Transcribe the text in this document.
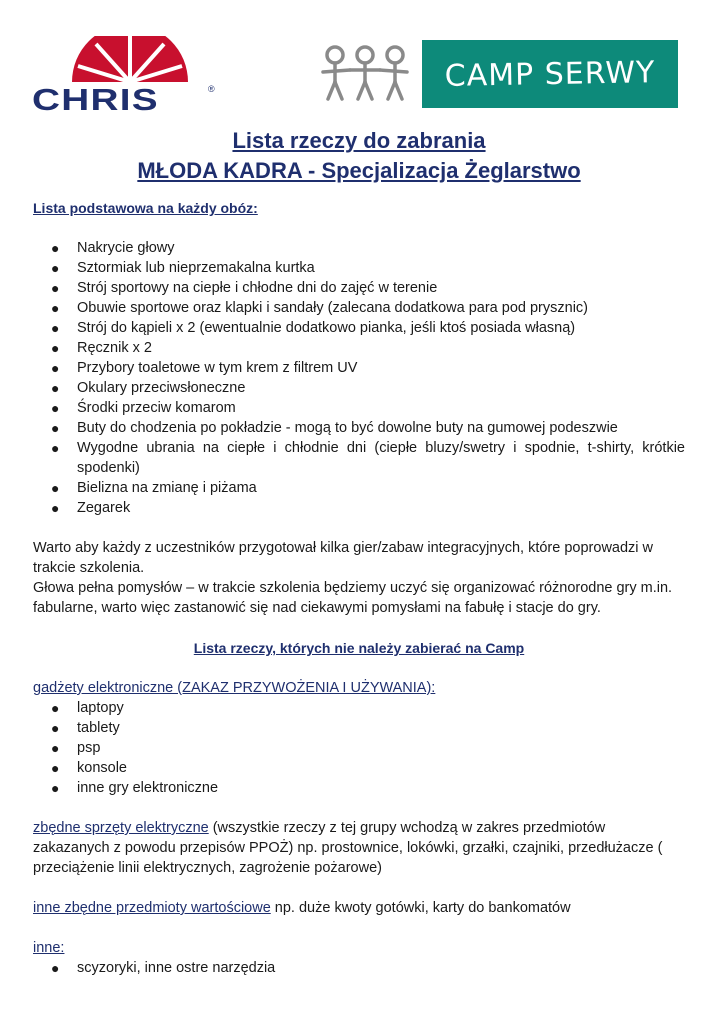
CHRIS	®	CAMP SERWY

Lista rzeczy do zabrania

MŁODA KADRA - Specjalizacja Żeglarstwo

Lista podstawowa na każdy obóz:

● Nakrycie głowy
● Sztormiak lub nieprzemakalna kurtka
● Strój sportowy na ciepłe i chłodne dni do zajęć w terenie
● Obuwie sportowe oraz klapki i sandały (zalecana dodatkowa para pod prysznic)
● Strój do kąpieli x 2 (ewentualnie dodatkowo pianka, jeśli ktoś posiada własną)
● Ręcznik x 2
● Przybory toaletowe w tym krem z filtrem UV
● Okulary przeciwsłoneczne
● Środki przeciw komarom
● Buty do chodzenia po pokładzie - mogą to być dowolne buty na gumowej podeszwie
● Wygodne ubrania na ciepłe i chłodnie dni (ciepłe bluzy/swetry i spodnie, t-shirty, krótkie spodenki)
● Bielizna na zmianę i piżama
● Zegarek

Warto aby każdy z uczestników przygotował kilka gier/zabaw integracyjnych, które poprowadzi w trakcie szkolenia.

Głowa pełna pomysłów – w trakcie szkolenia będziemy uczyć się organizować różnorodne gry m.in. fabularne, warto więc zastanowić się nad ciekawymi pomysłami na fabułę i stacje do gry.

Lista rzeczy, których nie należy zabierać na Camp

gadżety elektroniczne (ZAKAZ PRZYWOŻENIA I UŻYWANIA):

● laptopy
● tablety
● psp
● konsole
● inne gry elektroniczne

zbędne sprzęty elektryczne (wszystkie rzeczy z tej grupy wchodzą w zakres przedmiotów zakazanych z powodu przepisów PPOŻ) np. prostownice, lokówki, grzałki, czajniki, przedłużacze ( przeciążenie linii elektrycznych, zagrożenie pożarowe)

inne zbędne przedmioty wartościowe np. duże kwoty gotówki, karty do bankomatów

inne:

● scyzoryki, inne ostre narzędzia
